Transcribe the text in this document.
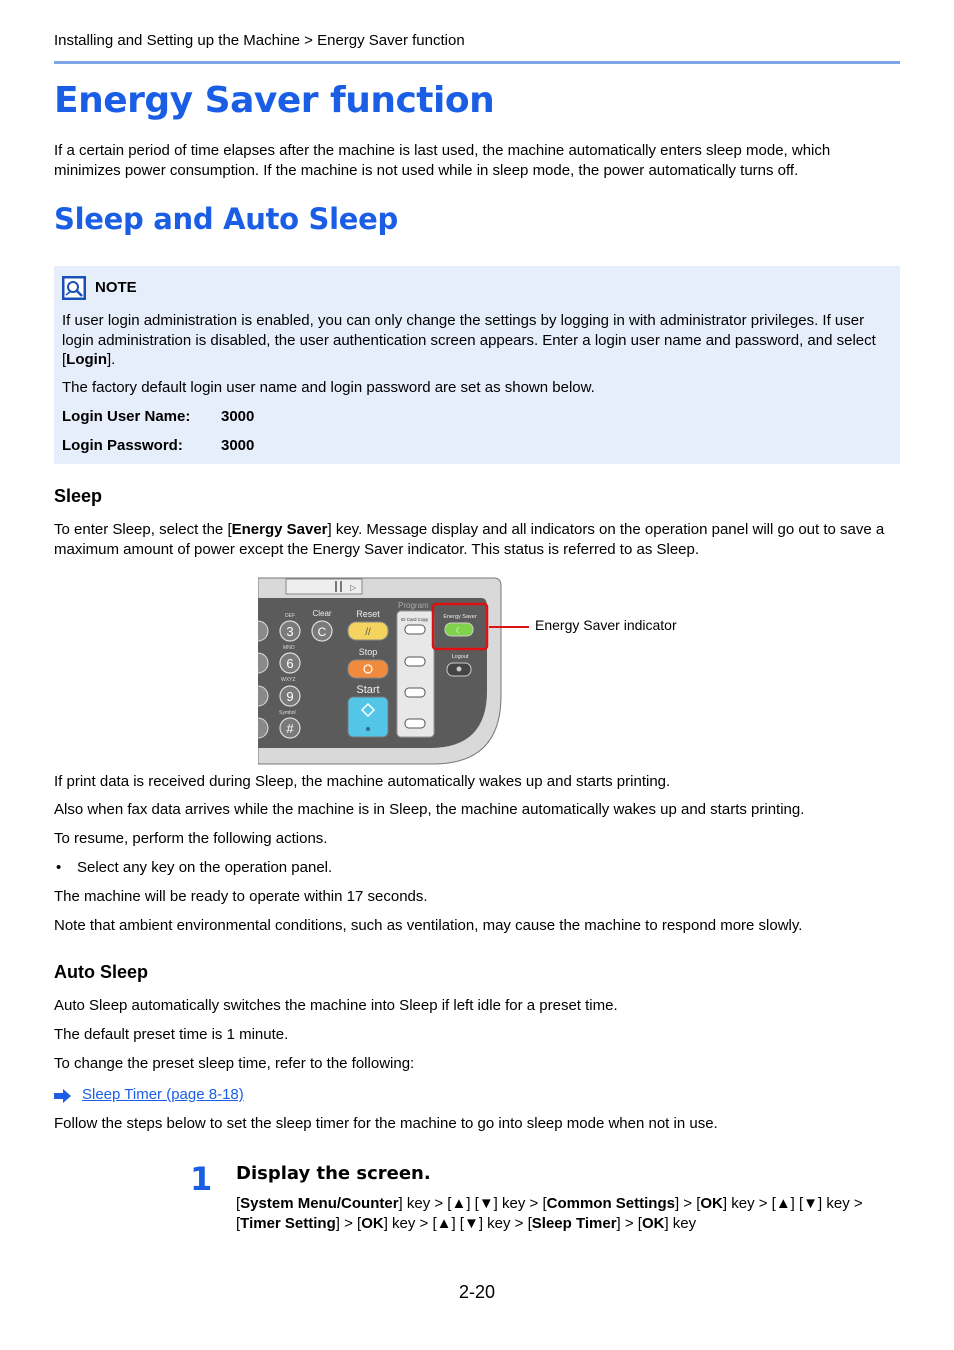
Installing and Setting up the Machine > Energy Saver function
Energy Saver function
If a certain period of time elapses after the machine is last used, the machine automatically enters sleep mode, which minimizes power consumption. If the machine is not used while in sleep mode, the power automatically turns off.
Sleep and Auto Sleep
NOTE
If user login administration is enabled, you can only change the settings by logging in with administrator privileges. If user login administration is disabled, the user authentication screen appears. Enter a login user name and password, and select [Login].
The factory default login user name and login password are set as shown below.
Login User Name: 3000
Login Password:	3000
Sleep
To enter Sleep, select the [Energy Saver] key. Message display and all indicators on the operation panel will go out to save a maximum amount of power except the Energy Saver indicator. This status is referred to as Sleep.
▷
DEF
3
MNO
6
WXYZ
9
Symbol
#
Clear
C
Reset
//
Stop
Start
Program
ID Card Copy	Energy Saver
☾
Logout
Energy Saver indicator
If print data is received during Sleep, the machine automatically wakes up and starts printing.
Also when fax data arrives while the machine is in Sleep, the machine automatically wakes up and starts printing.
To resume, perform the following actions.
• Select any key on the operation panel.
The machine will be ready to operate within 17 seconds.
Note that ambient environmental conditions, such as ventilation, may cause the machine to respond more slowly.
Auto Sleep
Auto Sleep automatically switches the machine into Sleep if left idle for a preset time.
The default preset time is 1 minute.
To change the preset sleep time, refer to the following:
Sleep Timer (page 8-18)
Follow the steps below to set the sleep timer for the machine to go into sleep mode when not in use.
1 Display the screen.
[System Menu/Counter] key > [▲] [▼] key > [Common Settings] > [OK] key > [▲] [▼] key > [Timer Setting] > [OK] key > [▲] [▼] key > [Sleep Timer] > [OK] key
2-20
